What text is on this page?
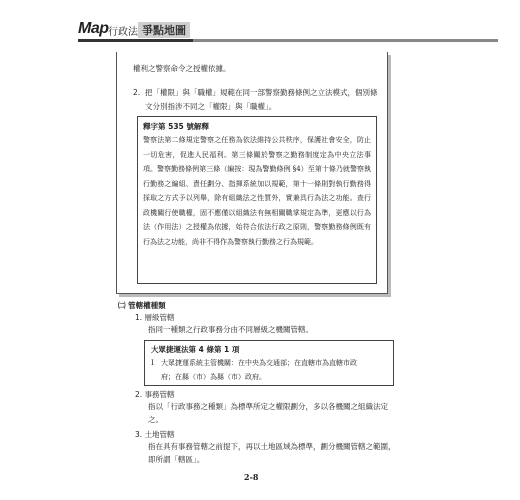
Map 行政法 爭點地圖
權利之警察命令之授權依據。
2. 把「權限」與「職權」規範在同一部警察勤務條例之立法模式，個別條文分別指涉不同之「權限」與「職權」。
釋字第 535 號解釋
警察法第二條規定警察之任務為依法維持公共秩序，保護社會安全，防止一切危害，促進人民福利。第三條關於警察之勤務制度定為中央立法事項。警察勤務條例第三條（編按：現為警勤條例 §4）至第十條乃就警察執行勤務之編組、責任劃分、指揮系統加以規範，第十一條則對執行勤務得採取之方式予以列舉，除有組織法之性質外，實兼具行為法之功能。查行政機關行使職權，固不應僅以組織法有無相關職掌規定為準，更應以行為法（作用法）之授權為依據，始符合依法行政之原則，警察勤務條例既有行為法之功能，尚非不得作為警察執行勤務之行為規範。
㈡ 管轄權種類
1. 層級管轄
指同一種類之行政事務分由不同層級之機關管轄。
大眾捷運法第 4 條第 1 項
Ⅰ 大眾捷運系統主管機關：在中央為交通部；在直轄市為直轄市政
府；在縣（市）為縣（市）政府。
2. 事務管轄
指以「行政事務之種類」為標準所定之權限劃分，多以各機關之組織法定之。
3. 土地管轄
指在具有事務管轄之前提下，再以土地區域為標準，劃分機關管轄之範圍，即所謂「轄區」。
2-8
